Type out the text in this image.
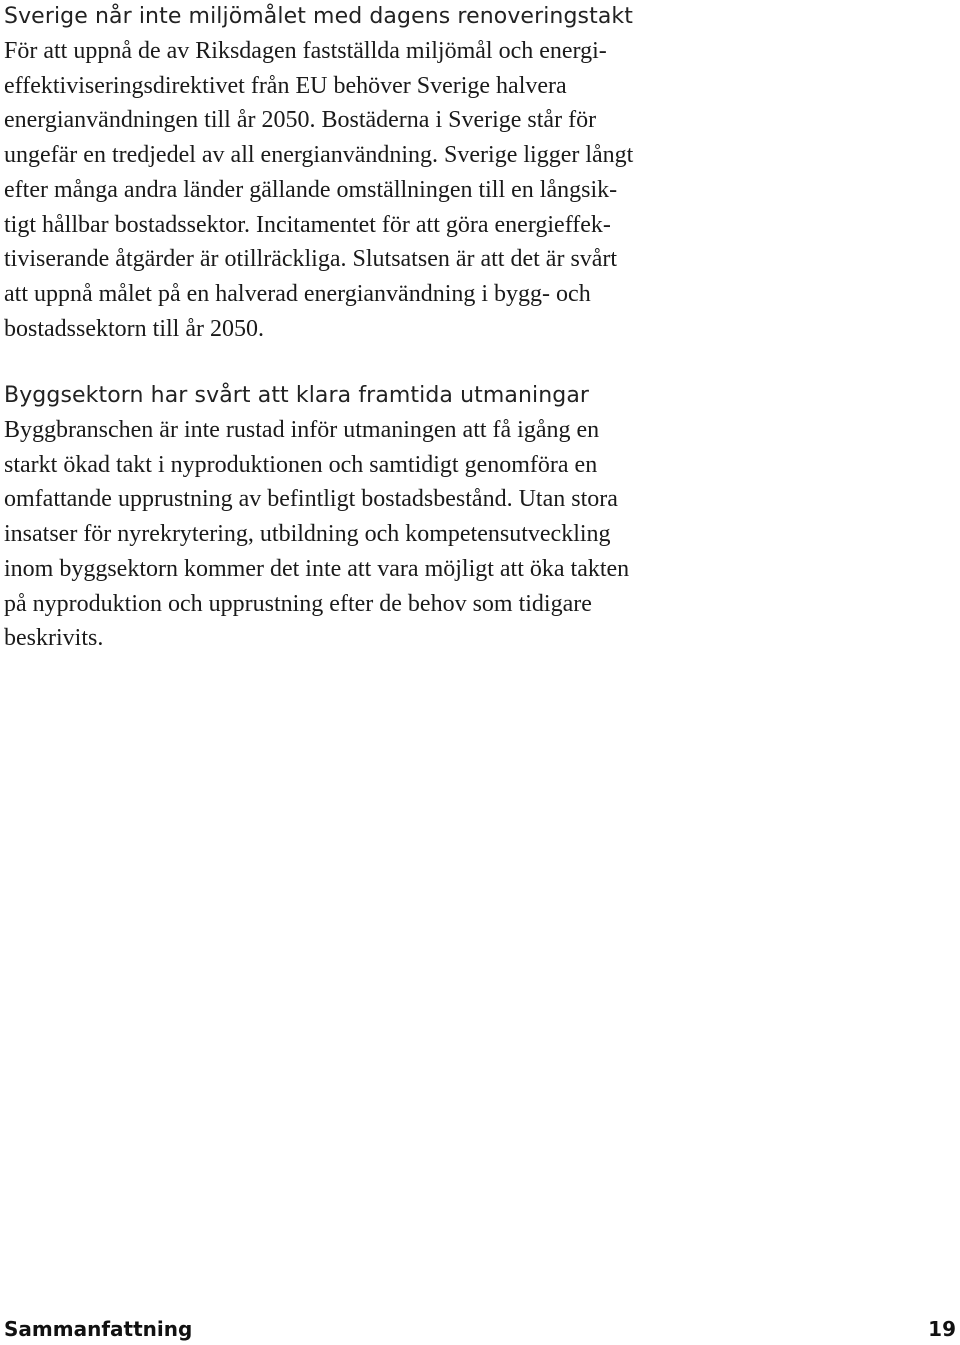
Sverige når inte miljömålet med dagens renoveringstakt

För att uppnå de av Riksdagen fastställda miljömål och energi-
effektiviseringsdirektivet från EU behöver Sverige halvera
energianvändningen till år 2050. Bostäderna i Sverige står för
ungefär en tredjedel av all energianvändning. Sverige ligger långt
efter många andra länder gällande omställningen till en långsik-
tigt hållbar bostadssektor. Incitamentet för att göra energieffek-
tiviserande åtgärder är otillräckliga. Slutsatsen är att det är svårt
att uppnå målet på en halverad energianvändning i bygg- och
bostadssektorn till år 2050.

Byggsektorn har svårt att klara framtida utmaningar

Byggbranschen är inte rustad inför utmaningen att få igång en
starkt ökad takt i nyproduktionen och samtidigt genomföra en
omfattande upprustning av befintligt bostadsbestånd. Utan stora
insatser för nyrekrytering, utbildning och kompetensutveckling
inom byggsektorn kommer det inte att vara möjligt att öka takten
på nyproduktion och upprustning efter de behov som tidigare
beskrivits.

Sammanfattning	19
